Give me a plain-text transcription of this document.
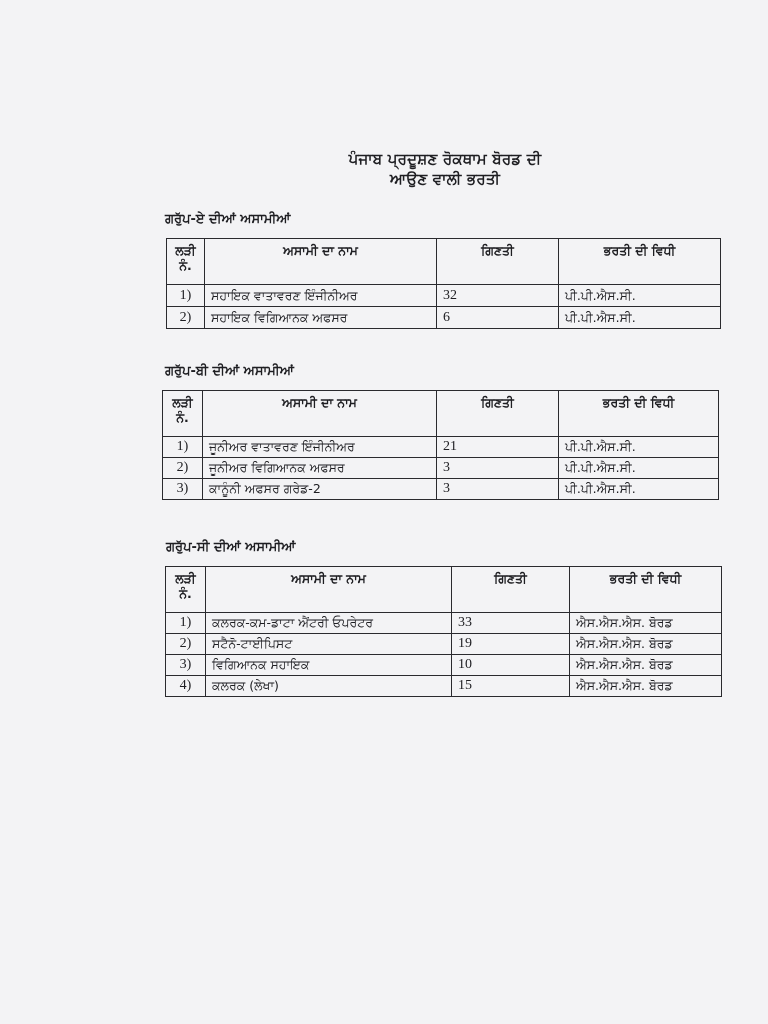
ਪੰਜਾਬ ਪ੍ਰਦੂਸ਼ਣ ਰੋਕਥਾਮ ਬੋਰਡ ਦੀ
ਆਉਣ ਵਾਲੀ ਭਰਤੀ
ਗਰੁੱਪ-ਏ ਦੀਆਂ ਅਸਾਮੀਆਂ
ਲੜੀ
ਨੰ.	ਅਸਾਮੀ ਦਾ ਨਾਮ	ਗਿਣਤੀ	ਭਰਤੀ ਦੀ ਵਿਧੀ
1)	ਸਹਾਇਕ ਵਾਤਾਵਰਣ ਇੰਜੀਨੀਅਰ	32	ਪੀ.ਪੀ.ਐਸ.ਸੀ.
2)	ਸਹਾਇਕ ਵਿਗਿਆਨਕ ਅਫਸਰ	6	ਪੀ.ਪੀ.ਐਸ.ਸੀ.
ਗਰੁੱਪ-ਬੀ ਦੀਆਂ ਅਸਾਮੀਆਂ
ਲੜੀ
ਨੰ.	ਅਸਾਮੀ ਦਾ ਨਾਮ	ਗਿਣਤੀ	ਭਰਤੀ ਦੀ ਵਿਧੀ
1)	ਜੂਨੀਅਰ ਵਾਤਾਵਰਣ ਇੰਜੀਨੀਅਰ	21	ਪੀ.ਪੀ.ਐਸ.ਸੀ.
2)	ਜੂਨੀਅਰ ਵਿਗਿਆਨਕ ਅਫਸਰ	3	ਪੀ.ਪੀ.ਐਸ.ਸੀ.
3)	ਕਾਨੂੰਨੀ ਅਫਸਰ ਗਰੇਡ-2	3	ਪੀ.ਪੀ.ਐਸ.ਸੀ.
ਗਰੁੱਪ-ਸੀ ਦੀਆਂ ਅਸਾਮੀਆਂ
ਲੜੀ
ਨੰ.	ਅਸਾਮੀ ਦਾ ਨਾਮ	ਗਿਣਤੀ	ਭਰਤੀ ਦੀ ਵਿਧੀ
1)	ਕਲਰਕ-ਕਮ-ਡਾਟਾ ਐਂਟਰੀ ਓਪਰੇਟਰ	33	ਐਸ.ਐਸ.ਐਸ. ਬੋਰਡ
2)	ਸਟੈਨੋ-ਟਾਈਪਿਸਟ	19	ਐਸ.ਐਸ.ਐਸ. ਬੋਰਡ
3)	ਵਿਗਿਆਨਕ ਸਹਾਇਕ	10	ਐਸ.ਐਸ.ਐਸ. ਬੋਰਡ
4)	ਕਲਰਕ (ਲੇਖਾ)	15	ਐਸ.ਐਸ.ਐਸ. ਬੋਰਡ
